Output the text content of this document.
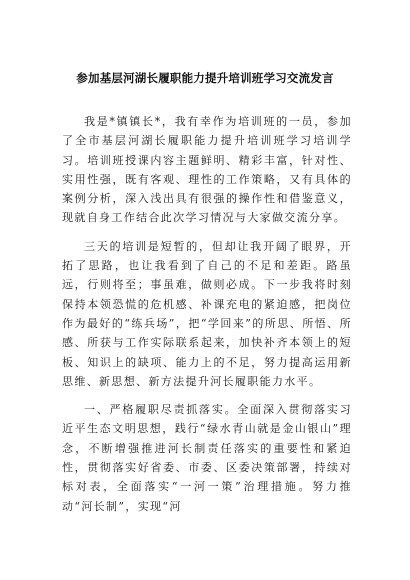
参加基层河湖长履职能力提升培训班学习交流发言

我是*镇镇长*，我有幸作为培训班的一员，参加了全市基层河湖长履职能力提升培训班学习培训学习。培训班授课内容主题鲜明、精彩丰富，针对性、实用性强，既有客观、理性的工作策略，又有具体的案例分析，深入浅出具有很强的操作性和借鉴意义，现就自身工作结合此次学习情况与大家做交流分享。

三天的培训是短暂的，但却让我开阔了眼界，开拓了思路，也让我看到了自己的不足和差距。路虽远，行则将至；事虽难，做则必成。下一步我将时刻保持本领恐慌的危机感、补课充电的紧迫感，把岗位作为最好的“练兵场”，把“学回来”的所思、所悟、所感、所获与工作实际联系起来，加快补齐本领上的短板、知识上的缺项、能力上的不足，努力提高运用新思维、新思想、新方法提升河长履职能力水平。

一、严格履职尽责抓落实。全面深入贯彻落实习近平生态文明思想，践行“绿水青山就是金山银山”理念，不断增强推进河长制责任落实的重要性和紧迫性，贯彻落实好省委、市委、区委决策部署，持续对标对表，全面落实“一河一策”治理措施。努力推动“河长制”，实现“河
